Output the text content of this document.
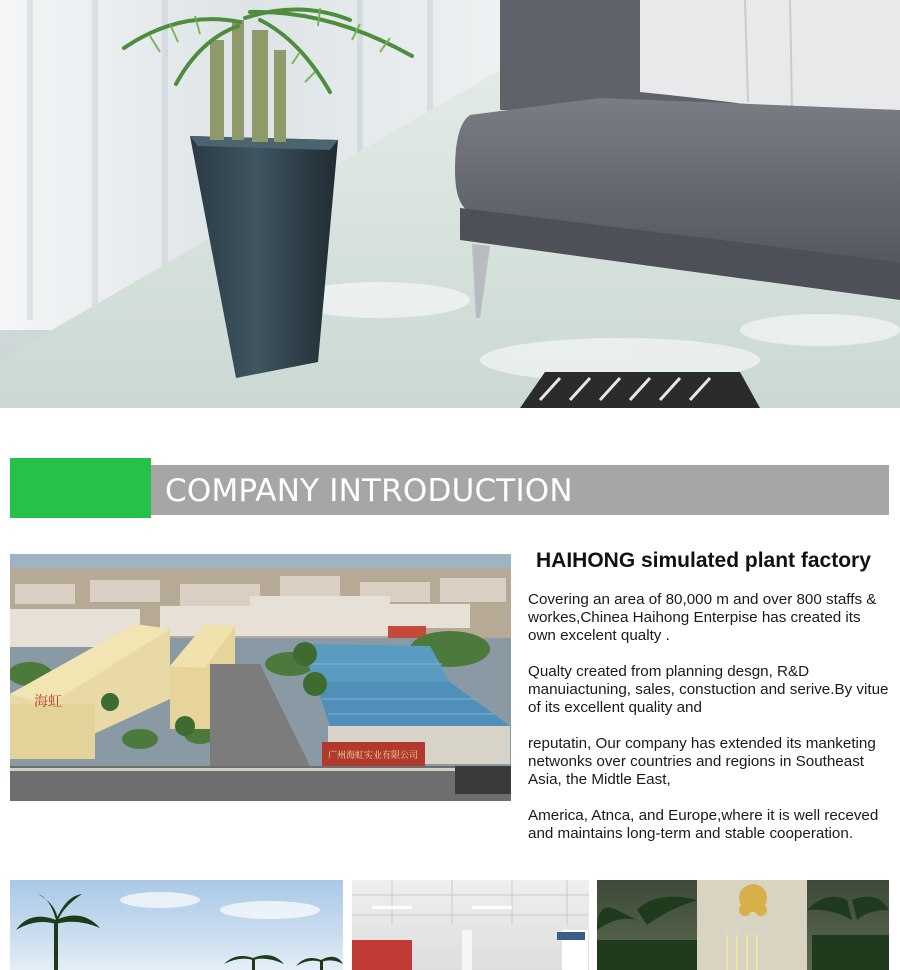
COMPANY INTRODUCTION
广州海虹实业有限公司
海虹
HAIHONG simulated plant factory

Covering an area of 80,000 m and over 800 staffs & workes,Chinea Haihong Enterpise has created its own excelent qualty .

Qualty created from planning desgn, R&D manuiactuning, sales, constuction and serive.By vitue of its excellent quality and

reputatin, Our company has extended its manketing netwonks over countries and regions in Southeast Asia, the Midtle East,

America, Atnca, and Europe,where it is well receved and maintains long-term and stable cooperation.
